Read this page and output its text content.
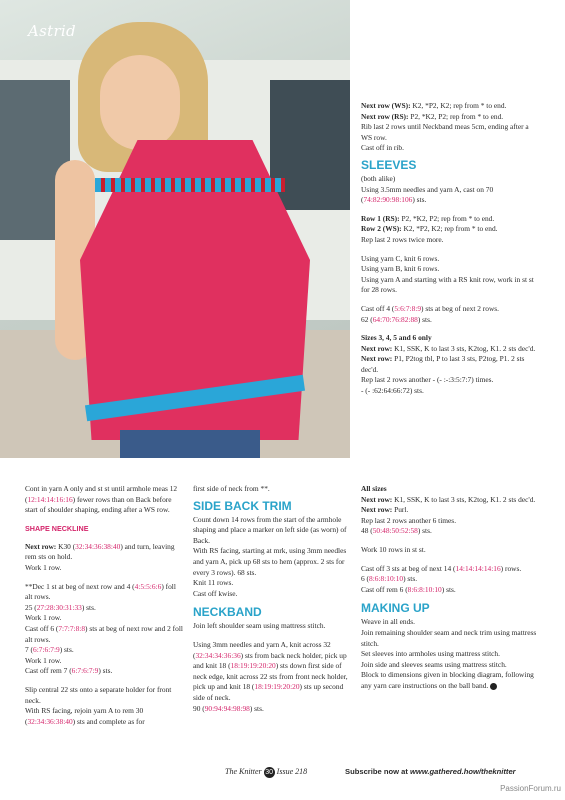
Astrid

Next row (WS): K2, *P2, K2; rep from * to end.

Next row (RS): P2, *K2, P2; rep from * to end.

Rib last 2 rows until Neckband meas 5cm, ending after a WS row.

Cast off in rib.

SLEEVES

(both alike)

Using 3.5mm needles and yarn A, cast on 70 (74:82:90:98:106) sts.

Row 1 (RS): P2, *K2, P2; rep from * to end.

Row 2 (WS): K2, *P2, K2; rep from * to end.

Rep last 2 rows twice more.

Using yarn C, knit 6 rows.

Using yarn B, knit 6 rows.

Using yarn A and starting with a RS knit row, work in st st for 28 rows.

Cast off 4 (5:6:7:8:9) sts at beg of next 2 rows.

62 (64:70:76:82:88) sts.

Sizes 3, 4, 5 and 6 only

Next row: K1, SSK, K to last 3 sts, K2tog, K1. 2 sts dec'd.

Next row: P1, P2tog tbl, P to last 3 sts, P2tog, P1. 2 sts dec'd.

Rep last 2 rows another - (- :-:3:5:7:7) times.

- (- :62:64:66:72) sts.

Cont in yarn A only and st st until armhole meas 12 (12:14:14:16:16) fewer rows than on Back before start of shoulder shaping, ending after a WS row.

SHAPE NECKLINE

Next row: K30 (32:34:36:38:40) and turn, leaving rem sts on hold.

Work 1 row.

**Dec 1 st at beg of next row and 4 (4:5:5:6:6) foll alt rows.

25 (27:28:30:31:33) sts.

Work 1 row.

Cast off 6 (7:7:7:8:8) sts at beg of next row and 2 foll alt rows.

7 (6:7:6:7:9) sts.

Work 1 row.

Cast off rem 7 (6:7:6:7:9) sts.

Slip central 22 sts onto a separate holder for front neck.

With RS facing, rejoin yarn A to rem 30 (32:34:36:38:40) sts and complete as for

first side of neck from **.

SIDE BACK TRIM

Count down 14 rows from the start of the armhole shaping and place a marker on left side (as worn) of Back.

With RS facing, starting at mrk, using 3mm needles and yarn A, pick up 68 sts to hem (approx. 2 sts for every 3 rows). 68 sts.

Knit 11 rows.

Cast off kwise.

NECKBAND

Join left shoulder seam using mattress stitch.

Using 3mm needles and yarn A, knit across 32 (32:34:34:36:36) sts from back neck holder, pick up and knit 18 (18:19:19:20:20) sts down first side of neck edge, knit across 22 sts from front neck holder, pick up and knit 18 (18:19:19:20:20) sts up second side of neck.

90 (90:94:94:98:98) sts.

All sizes

Next row: K1, SSK, K to last 3 sts, K2tog, K1. 2 sts dec'd.

Next row: Purl.

Rep last 2 rows another 6 times.

48 (50:48:50:52:58) sts.

Work 10 rows in st st.

Cast off 3 sts at beg of next 14 (14:14:14:14:16) rows.

6 (8:6:8:10:10) sts.

Cast off rem 6 (8:6:8:10:10) sts.

MAKING UP

Weave in all ends.

Join remaining shoulder seam and neck trim using mattress stitch.

Set sleeves into armholes using mattress stitch.

Join side and sleeves seams using mattress stitch.

Block to dimensions given in blocking diagram, following any yarn care instructions on the ball band.

The Knitter 30 Issue 218	Subscribe now at www.gathered.how/theknitter
PassionForum.ru
